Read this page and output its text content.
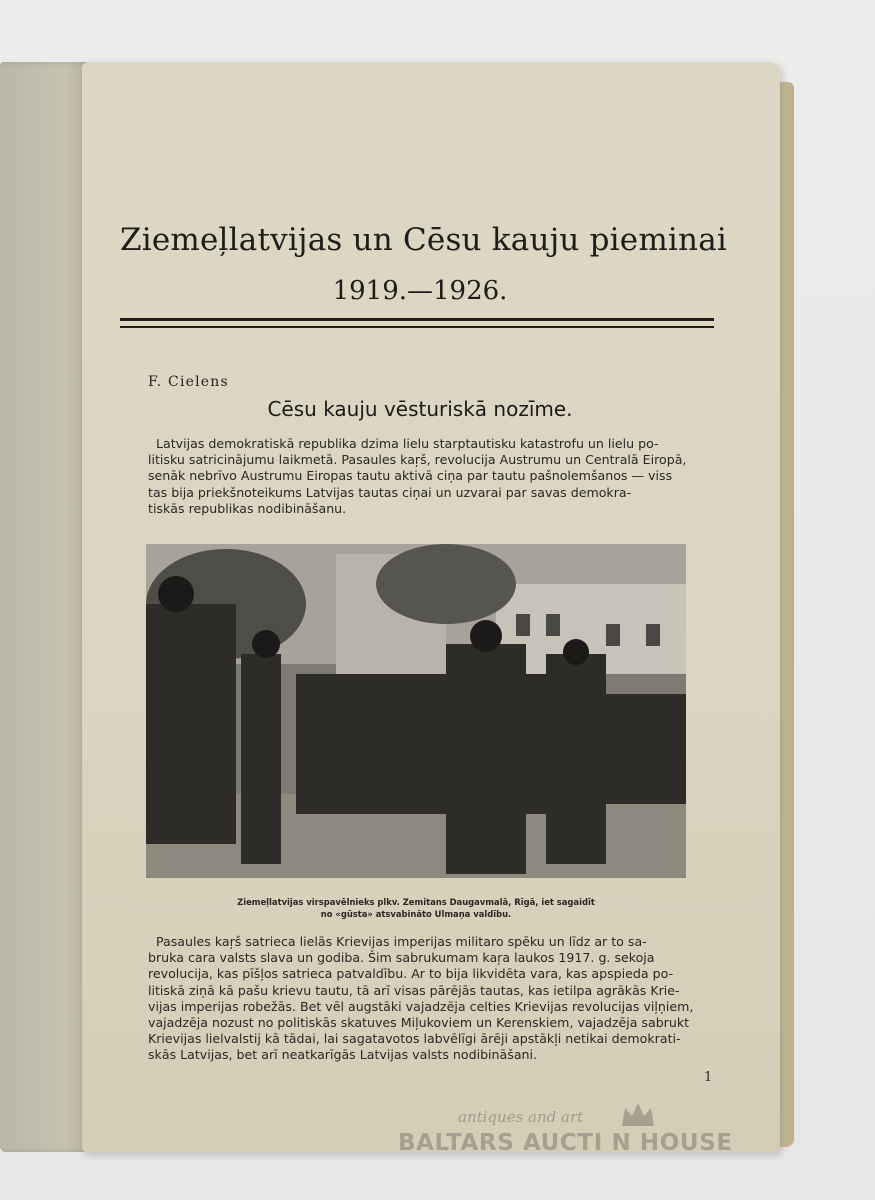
Ziemeļlatvijas un Cēsu kauju pieminai
1919.—1926.
F. Cielens
Cēsu kauju vēsturiskā nozīme.
Latvijas demokratiskā republika dzima lielu starptautisku katastrofu un lielu po-
litisku satricinājumu laikmetā. Pasaules kaŗš, revolucija Austrumu un Centralā Eiropā,
senāk nebrīvo Austrumu Eiropas tautu aktivā ciņa par tautu pašnolemšanos — viss
tas bija priekšnoteikums Latvijas tautas ciņai un uzvarai par savas demokra-
tiskās republikas nodibināšanu.
Ziemeļlatvijas virspavēlnieks plkv. Zemitans Daugavmalā, Rīgā, iet sagaidīt
no «gūsta» atsvabināto Ulmaņa valdību.
Pasaules kaŗš satrieca lielās Krievijas imperijas militaro spēku un līdz ar to sa-
bruka cara valsts slava un godiba. Šim sabrukumam kaŗa laukos 1917. g. sekoja
revolucija, kas pīšļos satrieca patvaldību. Ar to bija likvidēta vara, kas apspieda po-
litiskā ziņā kā pašu krievu tautu, tā arī visas pārējās tautas, kas ietilpa agrākās Krie-
vijas imperijas robežās. Bet vēl augstāki vajadzēja celties Krievijas revolucijas viļņiem,
vajadzēja nozust no politiskās skatuves Miļukoviem un Kerenskiem, vajadzēja sabrukt
Krievijas lielvalstij kā tādai, lai sagatavotos labvēlīgi ārēji apstākļi netikai demokrati-
skās Latvijas, bet arī neatkarīgās Latvijas valsts nodibināšani.
1
antiques and art
BALTARS AUCTI N HOUSE
